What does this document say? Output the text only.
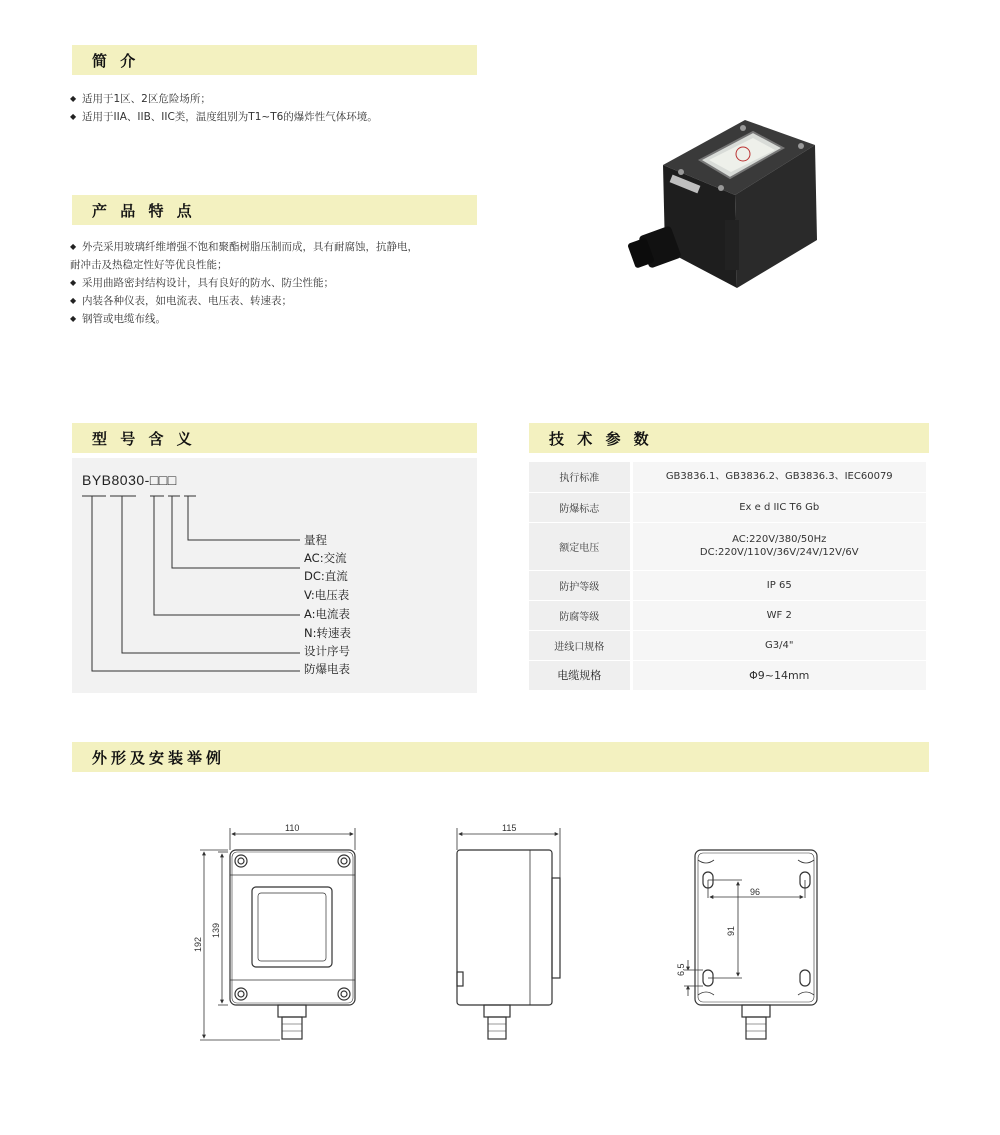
简 介
◆ 适用于1区、2区危险场所；
◆ 适用于IIA、IIB、IIC类，温度组别为T1~T6的爆炸性气体环境。
产 品 特 点
◆ 外壳采用玻璃纤维增强不饱和聚酯树脂压制而成，具有耐腐蚀，抗静电，
耐冲击及热稳定性好等优良性能；
◆ 采用曲路密封结构设计，具有良好的防水、防尘性能；
◆ 内装各种仪表，如电流表、电压表、转速表；
◆ 钢管或电缆布线。
型 号 含 义
BYB8030-□□□
量程
AC:交流
DC:直流
V:电压表
A:电流表
N:转速表
设计序号
防爆电表
技 术 参 数
执行标准	GB3836.1、GB3836.2、GB3836.3、IEC60079
防爆标志	Ex e d IIC T6 Gb
额定电压	AC:220V/380/50Hz
DC:220V/110V/36V/24V/12V/6V

防护等级	IP 65
防腐等级	WF 2
进线口规格	G3/4"
电缆规格	Φ9~14mm
外形及安装举例
110
139
192
115
96
91
6.5
